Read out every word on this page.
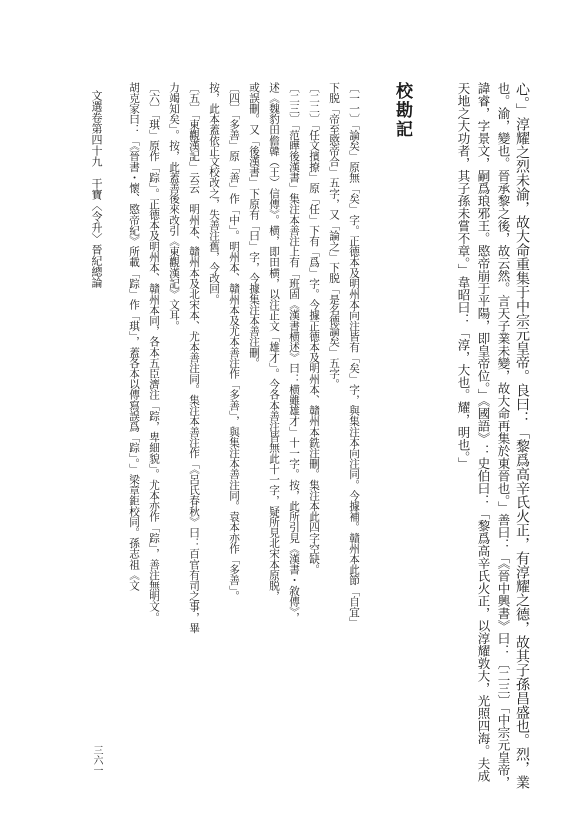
心。」淳耀之烈未渝，故大命重集于中宗元皇帝。良曰：「黎爲高辛氏火正，有淳耀之德，故其子孫昌盛也。烈，業
也。渝，變也。晉承黎之後，故云然。言天子業未變，故大命再集於東晉也。」善曰：「《晉中興書》曰：〔二三〕「中宗元皇帝，
諱睿，字景文，嗣爲琅邪王。愍帝崩于平陽，即皇帝位。」《國語》：史伯曰：「黎爲高辛氏火正，以淳耀敦大，光照四海。夫成
天地之大功者，其子孫未嘗不章。」韋昭曰：「淳，大也。耀，明也。」
校勘記
〔一一〕「論矣」原無「矣」字。正德本及明州本向注皆有「矣」字，與集注本向注同。今據補。贛州本此節「自宜」
下脱「帝至愍帝合」五字，又「論之」下脱「是名德論矣」五字。
〔二二〕「任文擯撩」原「任」下有「爲」字。今據正德本及明州本、贛州本銑注刪。集注本此四字空缺。
〔二三〕「范曄後漢書」集注本善注上有「班固《漢書横述》曰：横雖雄才」十一字。按，此所引見《漢書・敘傳》，
述《魏豹田儋韓（王）信傳》。横，即田横，以注正文「雄才」。今各本善注皆無此十一字，疑所見北宋本原脱，
或誤刪。又「後漢書」下原有「曰」字，今據集注本善注刪。
〔四〕「多善」原「善」作「中」。明州本、贛州本及尤本善注作「多善」，與集注本善注同。袁本亦作「多善」。
按，此本蓋依正文校改之，失善注舊，今改回。
〔五〕「東觀漢記」云云　明州本、贛州本及北宋本、尤本善注同。集注本善注作「《呂氏春秋》曰：百官有司之事，畢
力竭知矣」。按，此蓋善後來改引《東觀漢記》文耳。
〔六〕「琪」原作「踪」。正德本及明州本、贛州本同，各本五臣濟注「踪，卑細貌」。尤本亦作「踪」，善注無明文。
胡克家曰：「《晉書・懷、愍帝紀》所載「踪」作「琪」，蓋各本以傳寫誤爲「踪」。」梁章鉅校同。孫志祖《文
文選卷第四十九　干寶〈令升〉晉紀總論
三六一
